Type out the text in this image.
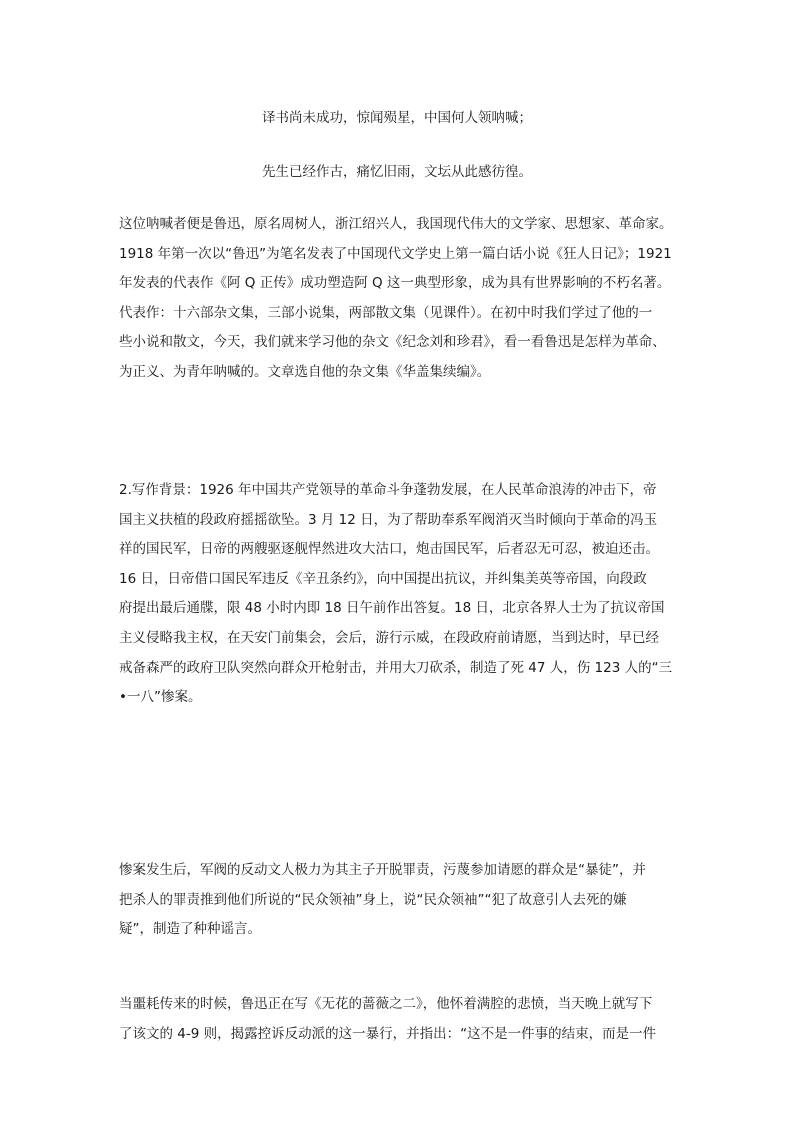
译书尚未成功，惊闻殒星，中国何人领呐喊；

先生已经作古，痛忆旧雨，文坛从此感彷徨。

这位呐喊者便是鲁迅，原名周树人，浙江绍兴人，我国现代伟大的文学家、思想家、革命家。
1918 年第一次以“鲁迅”为笔名发表了中国现代文学史上第一篇白话小说《狂人日记》；1921
年发表的代表作《阿 Q 正传》成功塑造阿 Q 这一典型形象，成为具有世界影响的不朽名著。
代表作：十六部杂文集，三部小说集，两部散文集（见课件）。在初中时我们学过了他的一
些小说和散文，今天，我们就来学习他的杂文《纪念刘和珍君》，看一看鲁迅是怎样为革命、
为正义、为青年呐喊的。文章选自他的杂文集《华盖集续编》。
2.写作背景：1926 年中国共产党领导的革命斗争蓬勃发展，在人民革命浪涛的冲击下，帝
国主义扶植的段政府摇摇欲坠。3 月 12 日，为了帮助奉系军阀消灭当时倾向于革命的冯玉
祥的国民军，日帝的两艘驱逐舰悍然进攻大沽口，炮击国民军，后者忍无可忍，被迫还击。
16 日，日帝借口国民军违反《辛丑条约》，向中国提出抗议，并纠集美英等帝国，向段政
府提出最后通牒，限 48 小时内即 18 日午前作出答复。18 日，北京各界人士为了抗议帝国
主义侵略我主权，在天安门前集会，会后，游行示威，在段政府前请愿，当到达时，早已经
戒备森严的政府卫队突然向群众开枪射击，并用大刀砍杀，制造了死 47 人，伤 123 人的“三
•一八”惨案。
惨案发生后，军阀的反动文人极力为其主子开脱罪责，污蔑参加请愿的群众是“暴徒”，并
把杀人的罪责推到他们所说的“民众领袖”身上，说“民众领袖”“犯了故意引人去死的嫌
疑”，制造了种种谣言。
当噩耗传来的时候，鲁迅正在写《无花的蔷薇之二》，他怀着满腔的悲愤，当天晚上就写下
了该文的 4-9 则，揭露控诉反动派的这一暴行，并指出：“这不是一件事的结束，而是一件
